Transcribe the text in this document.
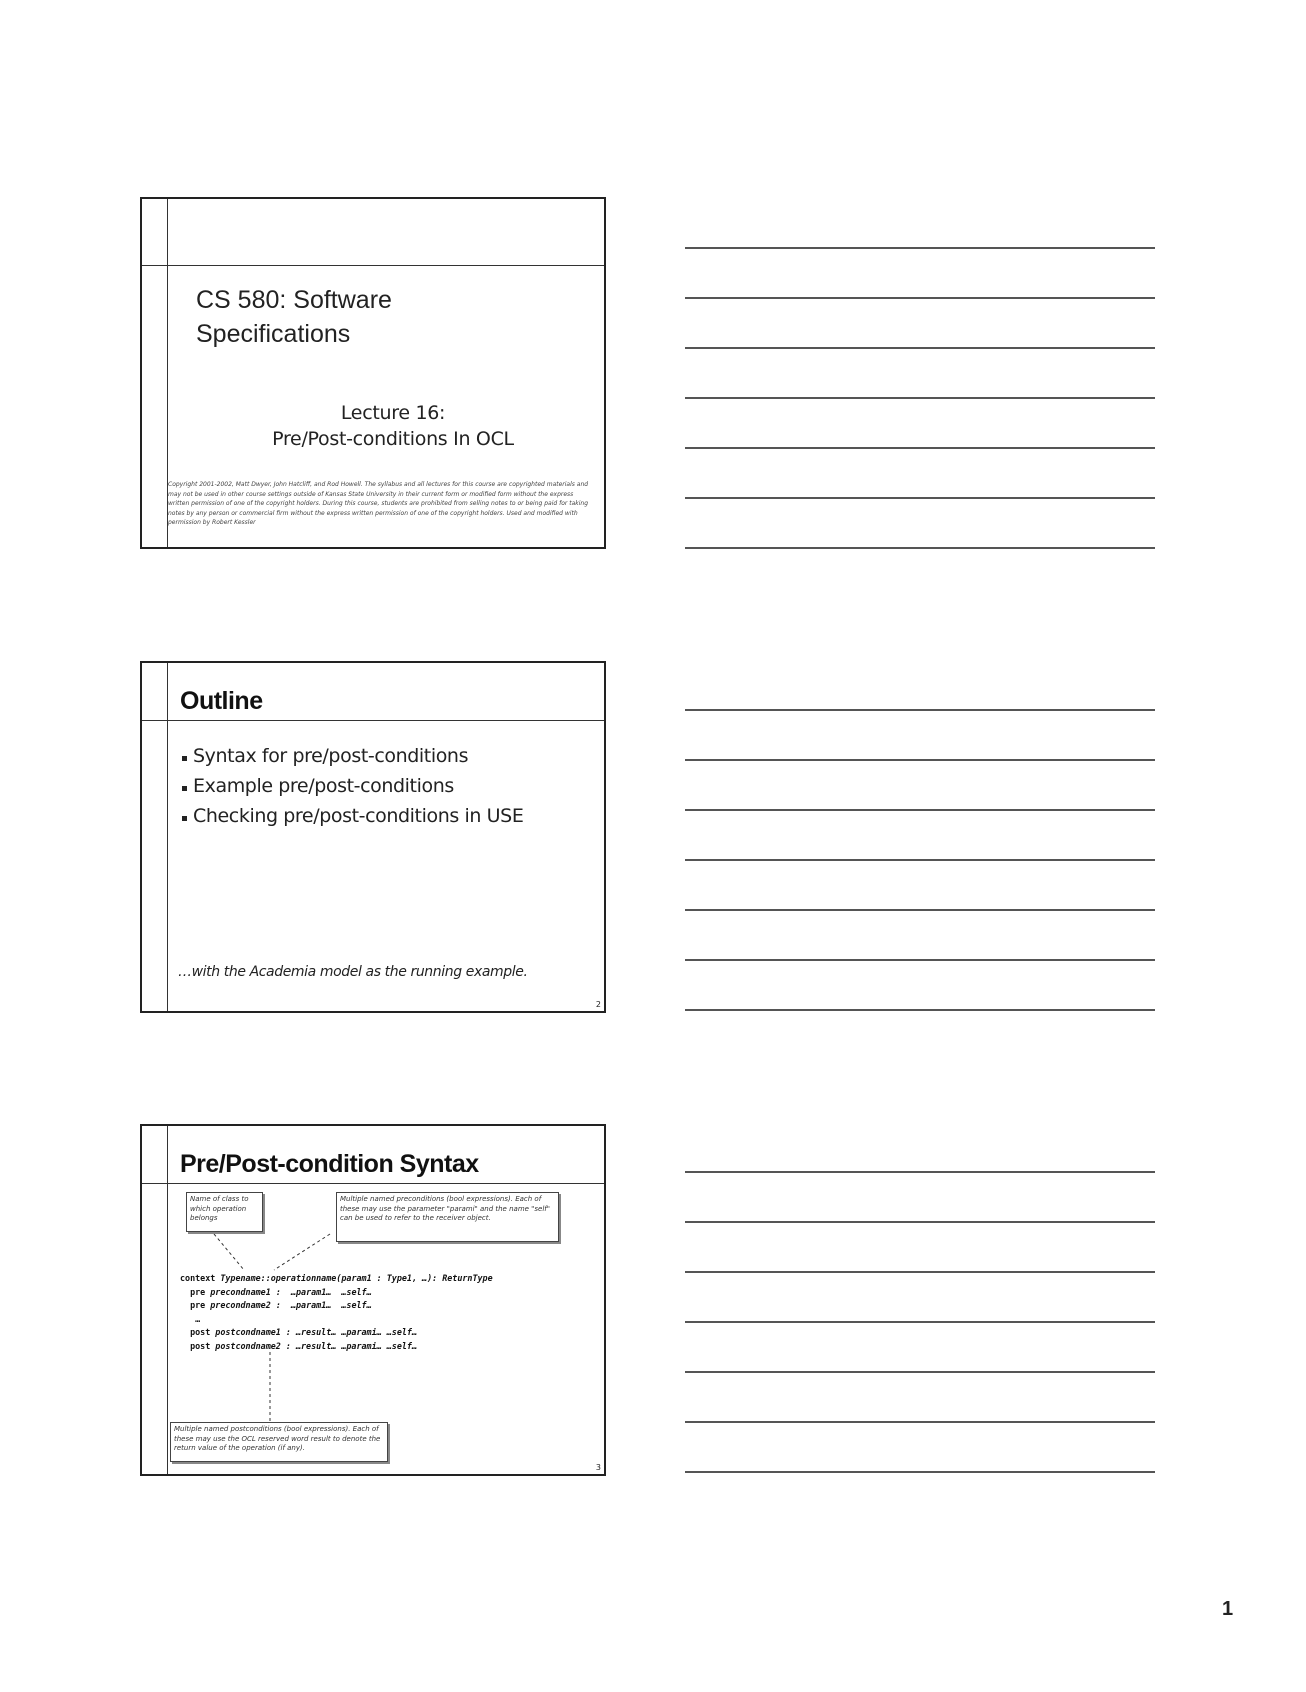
CS 580: Software
Specifications
Lecture 16:
Pre/Post-conditions In OCL
Copyright 2001-2002, Matt Dwyer, John Hatcliff, and Rod Howell. The syllabus and all lectures for this course are copyrighted materials and may not be used in other course settings outside of Kansas State University in their current form or modified form without the express written permission of one of the copyright holders. During this course, students are prohibited from selling notes to or being paid for taking notes by any person or commercial firm without the express written permission of one of the copyright holders. Used and modified with permission by Robert Kessler
Outline
Syntax for pre/post-conditions
Example pre/post-conditions
Checking pre/post-conditions in USE
…with the Academia model as the running example.
2
Pre/Post-condition Syntax
Name of class to which operation belongs
Multiple named preconditions (bool expressions). Each of these may use the parameter "parami" and the name "self" can be used to refer to the receiver object.
context Typename::operationname(param1 : Type1, …): ReturnType
pre precondname1 :  …param1…  …self…
pre precondname2 :  …param1…  …self…
…
post postcondname1 : …result… …parami… …self…
post postcondname2 : …result… …parami… …self…
Multiple named postconditions (bool expressions). Each of these may use the OCL reserved word result to denote the return value of the operation (if any).
3
1
